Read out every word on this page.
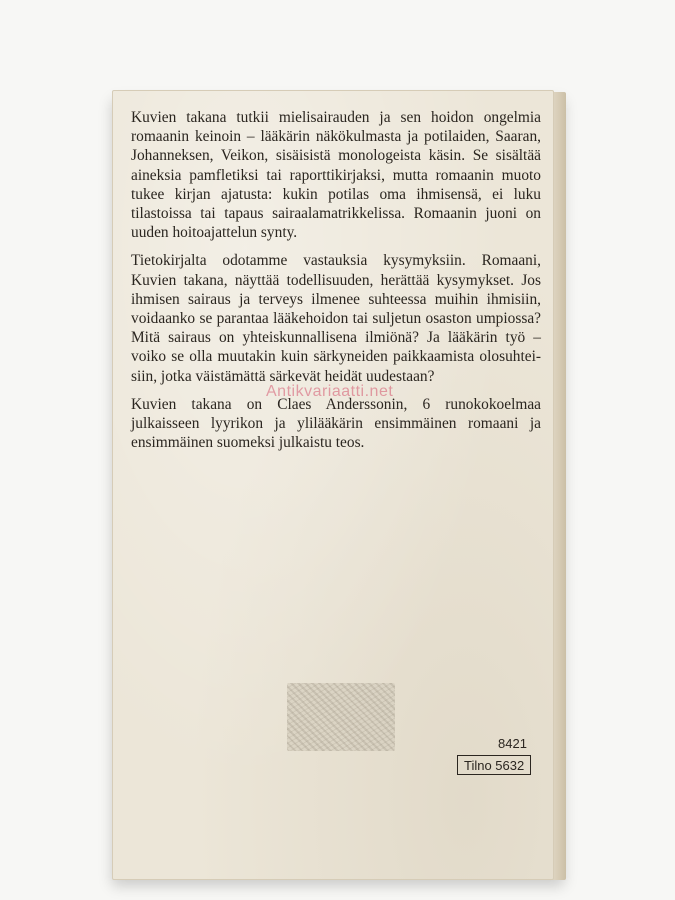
Kuvien takana tutkii mielisairauden ja sen hoidon ongelmia romaanin keinoin – lääkärin näkökulmasta ja potilaiden, Saaran, Johanneksen, Veikon, sisäisistä monologeista käsin. Se sisältää aineksia pamfletiksi tai raporttikirjaksi, mutta romaanin muoto tukee kirjan ajatusta: kukin potilas oma ihmisensä, ei luku tilastoissa tai tapaus sairaalamatrikkelissa. Romaanin juoni on uuden hoitoajattelun synty.

Tietokirjalta odotamme vastauksia kysymyksiin. Romaani, Kuvien takana, näyttää todellisuuden, herättää kysymykset. Jos ihmisen sairaus ja terveys ilmenee suhteessa muihin ihmisiin, voidaanko se parantaa lääkehoidon tai suljetun osaston umpiossa? Mitä sairaus on yhteiskunnallisena ilmiönä? Ja lääkärin työ – voiko se olla muutakin kuin särkyneiden paikkaamista olosuhteisiin, jotka väistämättä särkevät heidät uudestaan?

Kuvien takana on Claes Anderssonin, 6 runokokoelmaa julkaisseen lyyrikon ja ylilääkärin ensimmäinen romaani ja ensimmäinen suomeksi julkaistu teos.

Antikvariaatti.net
8421
Tilno 5632
